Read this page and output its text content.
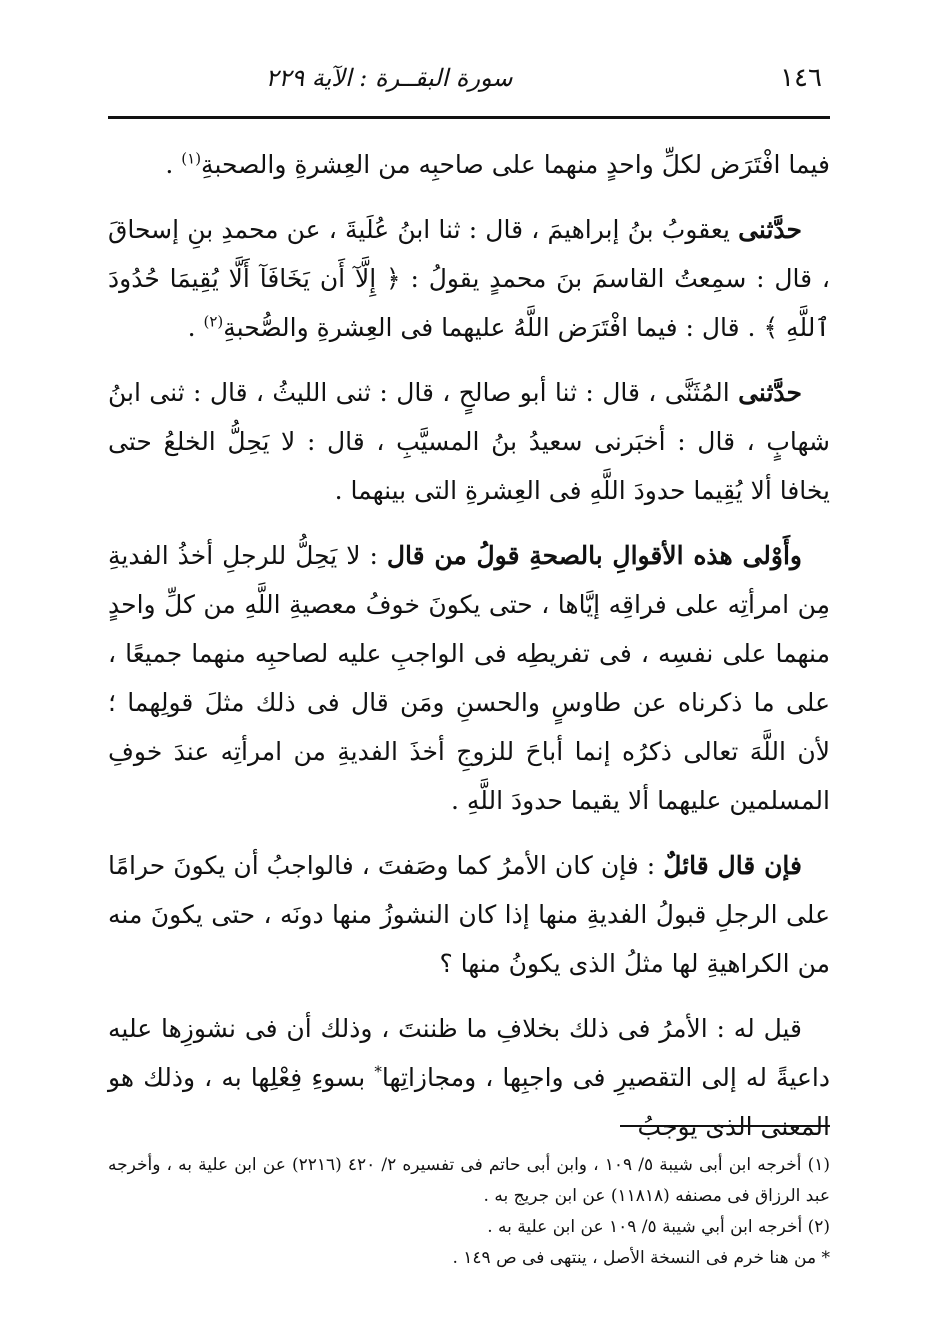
١٤٦
سورة البقــرة : الآية ٢٢٩

فيما افْتَرَض لكلِّ واحدٍ منهما على صاحبِه من العِشرةِ والصحبةِ$^{(١)}$ .

حدَّثنى يعقوبُ بنُ إبراهيمَ ، قال : ثنا ابنُ عُلَيةَ ، عن محمدِ بنِ إسحاقَ ، قال : سمِعتُ القاسمَ بنَ محمدٍ يقولُ : ﴿ إِلَّآ أَن يَخَافَآ أَلَّا يُقِيمَا حُدُودَ ٱللَّهِ ﴾ . قال : فيما افْتَرَض اللَّهُ عليهما فى العِشرةِ والصُّحبةِ$^{(٢)}$ .

حدَّثنى المُثَنَّى ، قال : ثنا أبو صالحٍ ، قال : ثنى الليثُ ، قال : ثنى ابنُ شهابٍ ، قال : أخبَرنى سعيدُ بنُ المسيَّبِ ، قال : لا يَحِلُّ الخلعُ حتى يخافا ألا يُقِيما حدودَ اللَّهِ فى العِشرةِ التى بينهما .

وأَوْلى هذه الأقوالِ بالصحةِ قولُ من قال : لا يَحِلُّ للرجلِ أخذُ الفديةِ مِن امرأتِه على فراقِه إيَّاها ، حتى يكونَ خوفُ معصيةِ اللَّهِ من كلِّ واحدٍ منهما على نفسِه ، فى تفريطِه فى الواجبِ عليه لصاحبِه منهما جميعًا ، على ما ذكرناه عن طاوسٍ والحسنِ ومَن قال فى ذلك مثلَ قولِهما ؛ لأن اللَّهَ تعالى ذكرُه إنما أباحَ للزوجِ أخذَ الفديةِ من امرأتِه عندَ خوفِ المسلمين عليهما ألا يقيما حدودَ اللَّهِ .

فإن قال قائلٌ : فإن كان الأمرُ كما وصَفتَ ، فالواجبُ أن يكونَ حرامًا على الرجلِ قبولُ الفديةِ منها إذا كان النشوزُ منها دونَه ، حتى يكونَ منه من الكراهيةِ لها مثلُ الذى يكونُ منها ؟

قيل له : الأمرُ فى ذلك بخلافِ ما ظننتَ ، وذلك أن فى نشوزِها عليه داعيةً له إلى التقصيرِ فى واجبِها ، ومجازاتِها* بسوءِ فِعْلِها به ، وذلك هو المعنى الذى يوجبُ

(١) أخرجه ابن أبى شيبة ٥/ ١٠٩ ، وابن أبى حاتم فى تفسيره ٢/ ٤٢٠ (٢٢١٦) عن ابن علية به ، وأخرجه عبد الرزاق فى مصنفه (١١٨١٨) عن ابن جريج به .

(٢) أخرجه ابن أبي شيبة ٥/ ١٠٩ عن ابن علية به .

* من هنا خرم فى النسخة الأصل ، ينتهى فى ص ١٤٩ .
